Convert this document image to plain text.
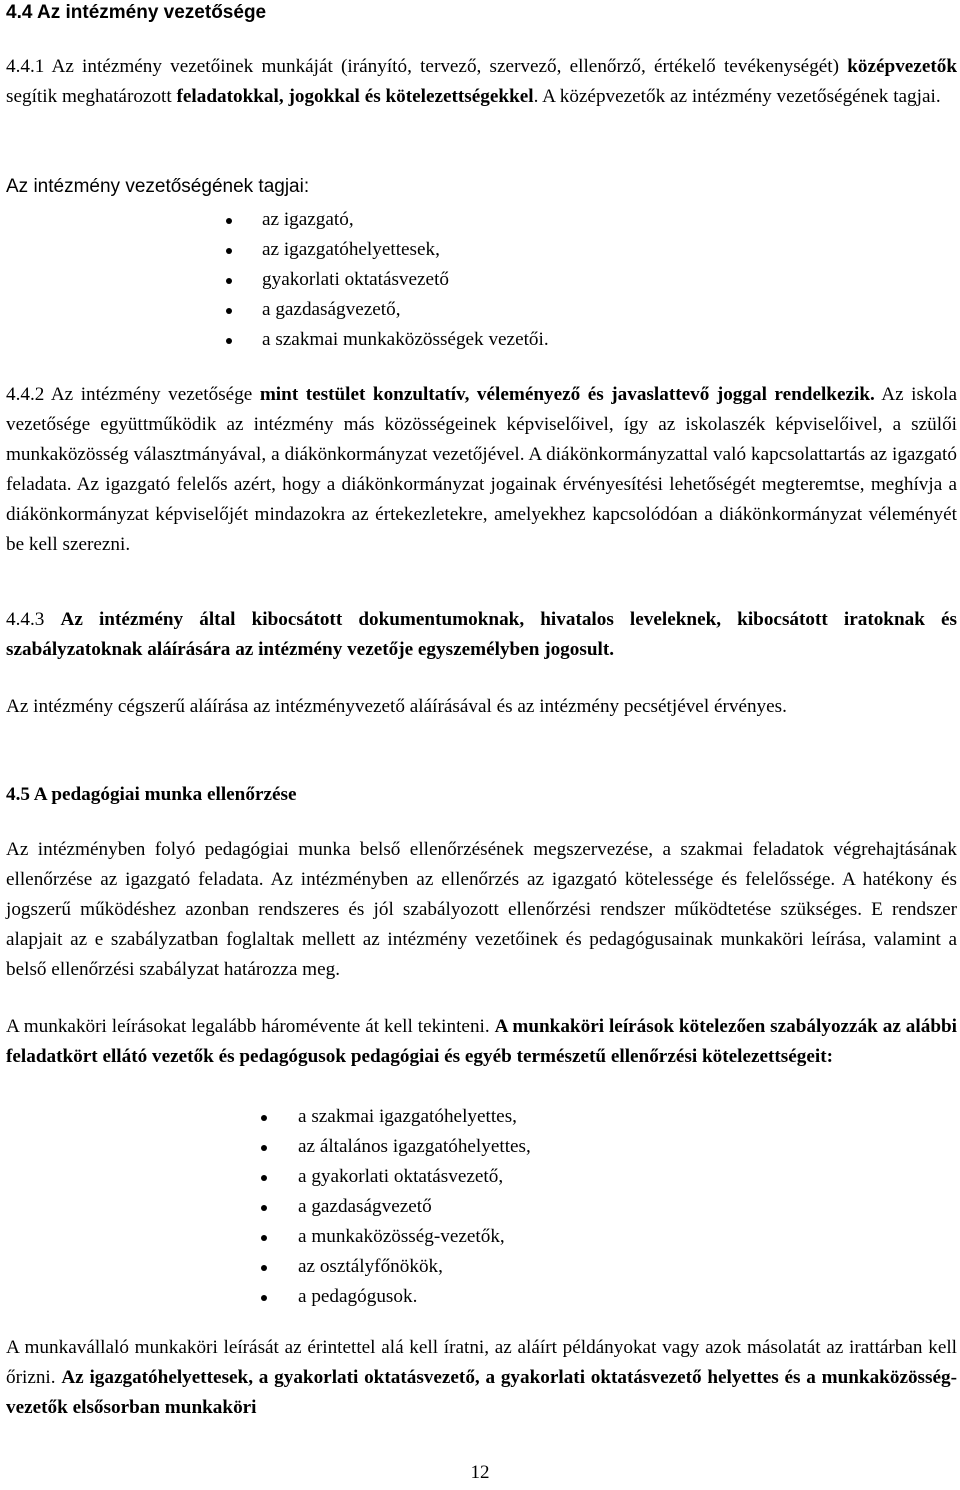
4.4 Az intézmény vezetősége

4.4.1 Az intézmény vezetőinek munkáját (irányító, tervező, szervező, ellenőrző, értékelő tevékenységét) középvezetők segítik meghatározott feladatokkal, jogokkal és kötelezettségekkel. A középvezetők az intézmény vezetőségének tagjai.

Az intézmény vezetőségének tagjai:

az igazgató,
az igazgatóhelyettesek,
gyakorlati oktatásvezető
a gazdaságvezető,
a szakmai munkaközösségek vezetői.

4.4.2 Az intézmény vezetősége mint testület konzultatív, véleményező és javaslattevő joggal rendelkezik. Az iskola vezetősége együttműködik az intézmény más közösségeinek képviselőivel, így az iskolaszék képviselőivel, a szülői munkaközösség választmányával, a diákönkormányzat vezetőjével. A diákönkormányzattal való kapcsolattartás az igazgató feladata. Az igazgató felelős azért, hogy a diákönkormányzat jogainak érvényesítési lehetőségét megteremtse, meghívja a diákönkormányzat képviselőjét mindazokra az értekezletekre, amelyekhez kapcsolódóan a diákönkormányzat véleményét be kell szerezni.

4.4.3 Az intézmény által kibocsátott dokumentumoknak, hivatalos leveleknek, kibocsátott iratoknak és szabályzatoknak aláírására az intézmény vezetője egyszemélyben jogosult.

Az intézmény cégszerű aláírása az intézményvezető aláírásával és az intézmény pecsétjével érvényes.

4.5 A pedagógiai munka ellenőrzése

Az intézményben folyó pedagógiai munka belső ellenőrzésének megszervezése, a szakmai feladatok végrehajtásának ellenőrzése az igazgató feladata. Az intézményben az ellenőrzés az igazgató kötelessége és felelőssége. A hatékony és jogszerű működéshez azonban rendszeres és jól szabályozott ellenőrzési rendszer működtetése szükséges. E rendszer alapjait az e szabályzatban foglaltak mellett az intézmény vezetőinek és pedagógusainak munkaköri leírása, valamint a belső ellenőrzési szabályzat határozza meg.

A munkaköri leírásokat legalább háromévente át kell tekinteni. A munkaköri leírások kötelezően szabályozzák az alábbi feladatkört ellátó vezetők és pedagógusok pedagógiai és egyéb természetű ellenőrzési kötelezettségeit:

a szakmai igazgatóhelyettes,
az általános igazgatóhelyettes,
a gyakorlati oktatásvezető,
a gazdaságvezető
a munkaközösség-vezetők,
az osztályfőnökök,
a pedagógusok.

A munkavállaló munkaköri leírását az érintettel alá kell íratni, az aláírt példányokat vagy azok másolatát az irattárban kell őrizni. Az igazgatóhelyettesek, a gyakorlati oktatásvezető, a gyakorlati oktatásvezető helyettes és a munkaközösség-vezetők elsősorban munkaköri

12
